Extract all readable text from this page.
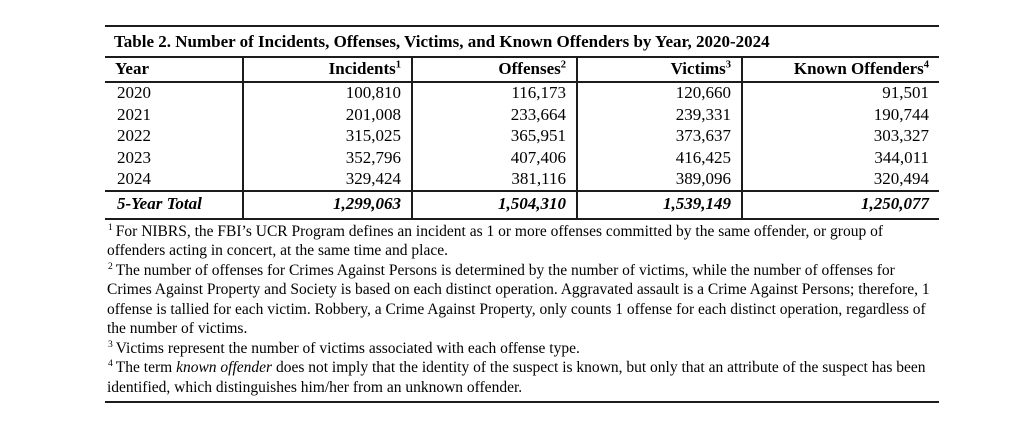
Table 2. Number of Incidents, Offenses, Victims, and Known Offenders by Year, 2020-2024
Year	Incidents$^1$	Offenses$^2$	Victims$^3$	Known Offenders$^4$
2020	100,810	116,173	120,660	91,501
2021	201,008	233,664	239,331	190,744
2022	315,025	365,951	373,637	303,327
2023	352,796	407,406	416,425	344,011
2024	329,424	381,116	389,096	320,494
5-Year Total	1,299,063	1,504,310	1,539,149	1,250,077

$^1$ For NIBRS, the FBI’s UCR Program defines an incident as 1 or more offenses committed by the same offender, or group of offenders acting in concert, at the same time and place.

$^2$ The number of offenses for Crimes Against Persons is determined by the number of victims, while the number of offenses for Crimes Against Property and Society is based on each distinct operation. Aggravated assault is a Crime Against Persons; therefore, 1 offense is tallied for each victim. Robbery, a Crime Against Property, only counts 1 offense for each distinct operation, regardless of the number of victims.

$^3$ Victims represent the number of victims associated with each offense type.

$^4$ The term known offender does not imply that the identity of the suspect is known, but only that an attribute of the suspect has been identified, which distinguishes him/her from an unknown offender.
